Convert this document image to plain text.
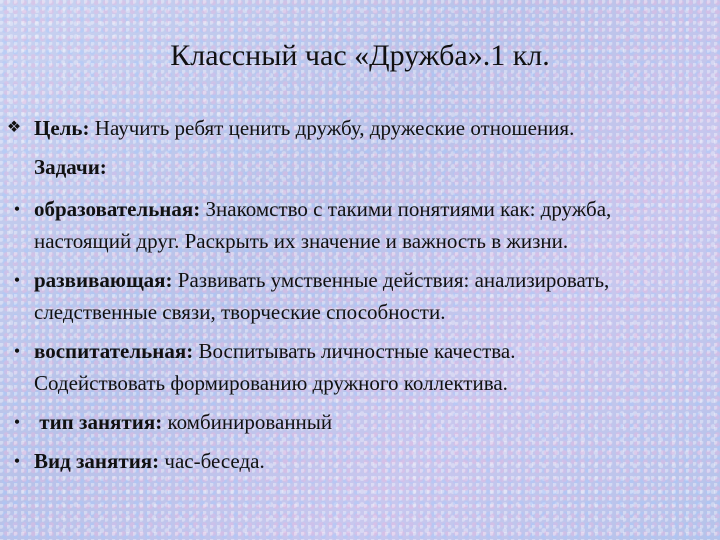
Классный час «Дружба».1 кл.
❖ Цель: Научить ребят ценить дружбу, дружеские отношения.
Задачи:
• образовательная: Знакомство с такими понятиями как: дружба,
настоящий друг. Раскрыть их значение и важность в жизни.
• развивающая: Развивать умственные действия: анализировать,
следственные связи, творческие способности.
• воспитательная: Воспитывать личностные качества.
Содействовать формированию дружного коллектива.
• тип занятия: комбинированный
• Вид занятия: час-беседа.
